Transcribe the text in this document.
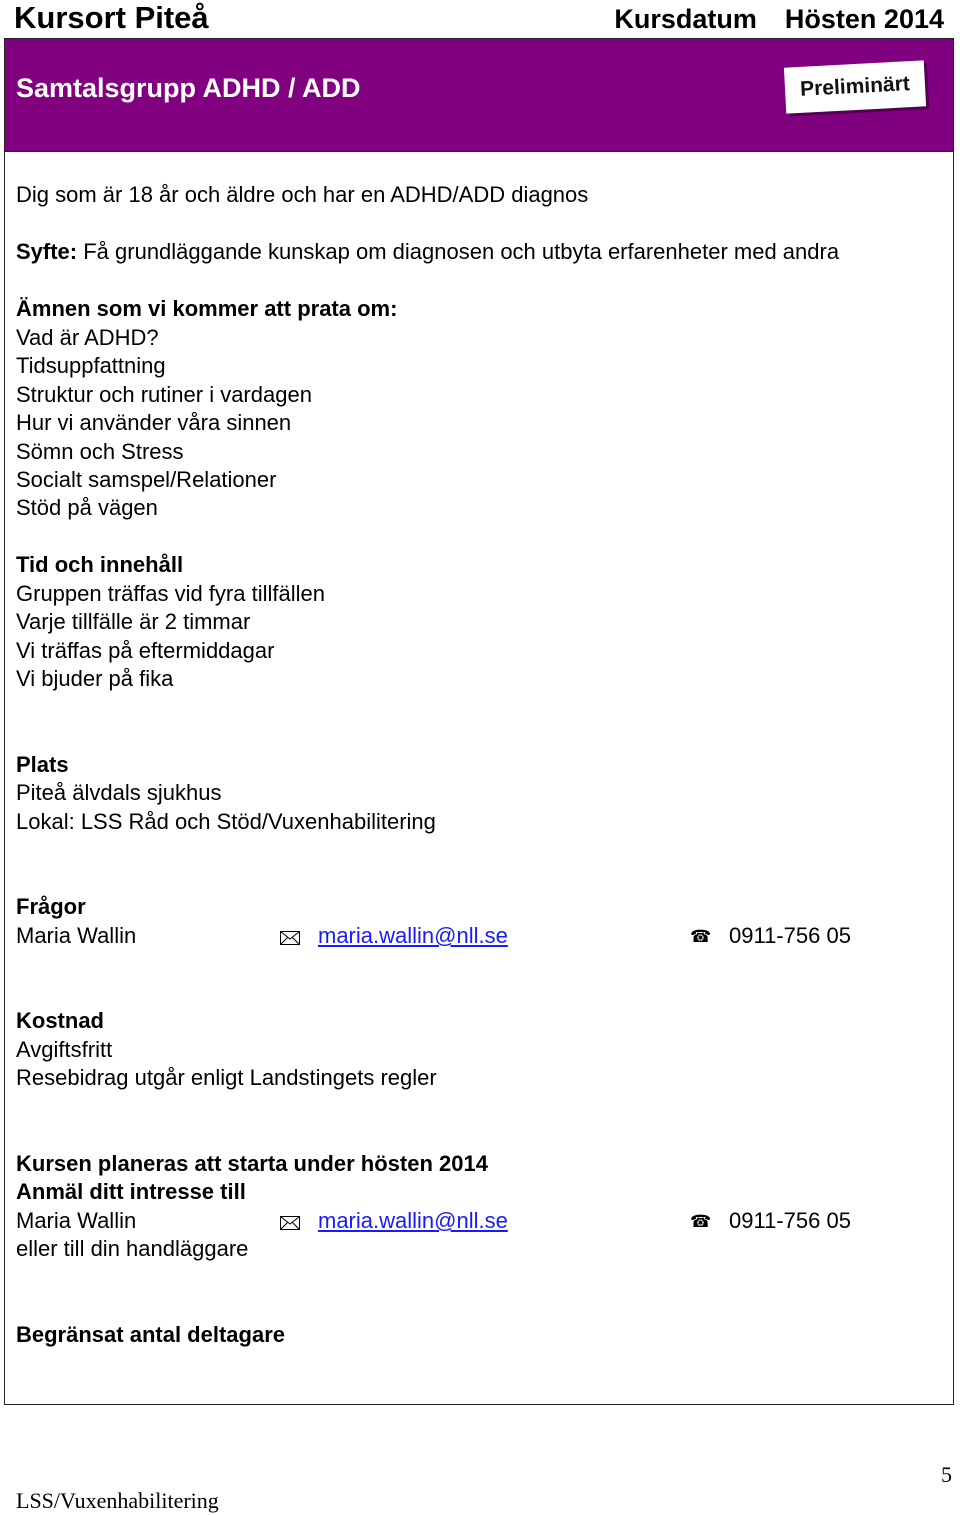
Kursort Piteå	Kursdatum Hösten 2014
Samtalsgrupp ADHD / ADD	Preliminärt
Dig som är 18 år och äldre och har en ADHD/ADD diagnos
Syfte: Få grundläggande kunskap om diagnosen och utbyta erfarenheter med andra
Ämnen som vi kommer att prata om:
Vad är ADHD?
Tidsuppfattning
Struktur och rutiner i vardagen
Hur vi använder våra sinnen
Sömn och Stress
Socialt samspel/Relationer
Stöd på vägen
Tid och innehåll
Gruppen träffas vid fyra tillfällen
Varje tillfälle är 2 timmar
Vi träffas på eftermiddagar
Vi bjuder på fika
Plats
Piteå älvdals sjukhus
Lokal: LSS Råd och Stöd/Vuxenhabilitering
Frågor
Maria Wallin	maria.wallin@nll.se	☎ 0911-756 05
Kostnad
Avgiftsfritt
Resebidrag utgår enligt Landstingets regler
Kursen planeras att starta under hösten 2014
Anmäl ditt intresse till
Maria Wallin	maria.wallin@nll.se	☎ 0911-756 05
eller till din handläggare
Begränsat antal deltagare
LSS/Vuxenhabilitering
5
